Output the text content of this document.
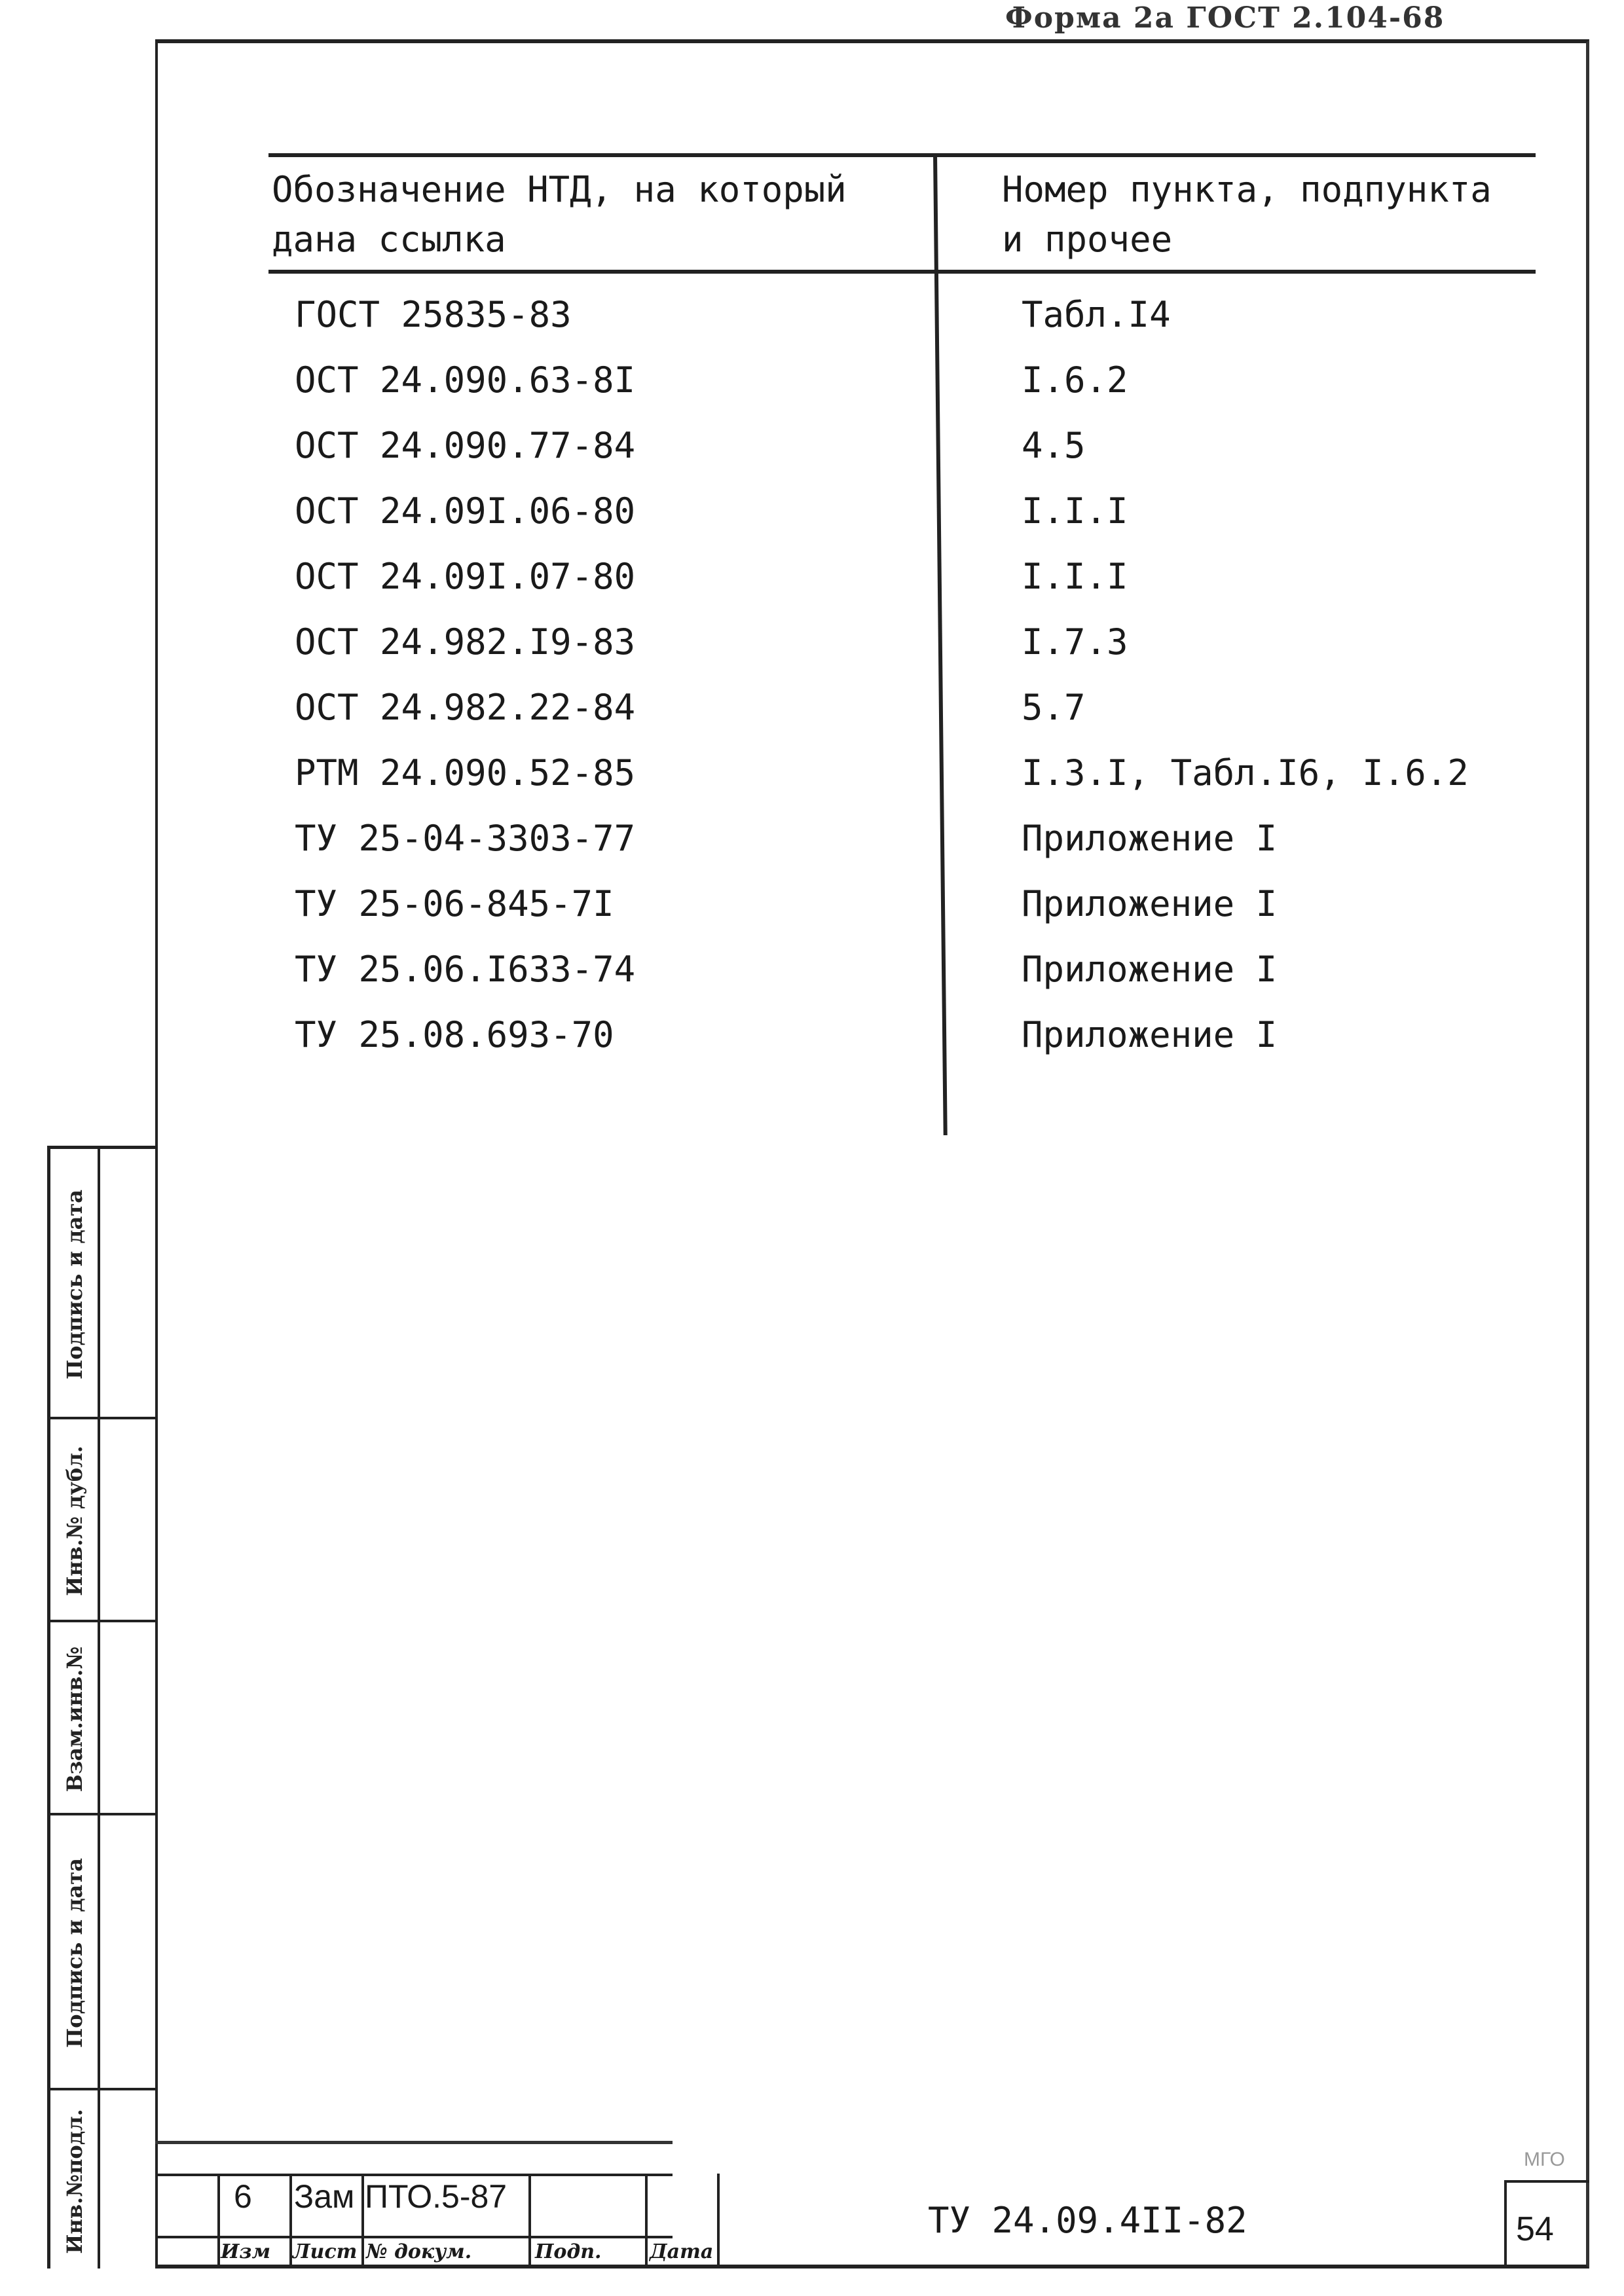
Форма 2а ГОСТ 2.104-68
Обозначение НТД, на который
дана ссылка
Номер пункта, подпункта
и прочее
ГОСТ 25835-83	Табл.I4
ОСТ 24.090.63-8I	I.6.2
ОСТ 24.090.77-84	4.5
ОСТ 24.09I.06-80	I.I.I
ОСТ 24.09I.07-80	I.I.I
ОСТ 24.982.I9-83	I.7.3
ОСТ 24.982.22-84	5.7
РТМ 24.090.52-85	I.3.I, Табл.I6, I.6.2
ТУ 25-04-3303-77	Приложение I
ТУ 25-06-845-7I	Приложение I
ТУ 25.06.I633-74	Приложение I
ТУ 25.08.693-70	Приложение I
Подпись и дата
Инв.№ дубл.
Взам.инв.№
Подпись и дата
Инв.№подл.	6 Зам ПТО.5-87
Изм Лист № докум.	Подп. Дата
ТУ 24.09.4II-82
МГО
54
